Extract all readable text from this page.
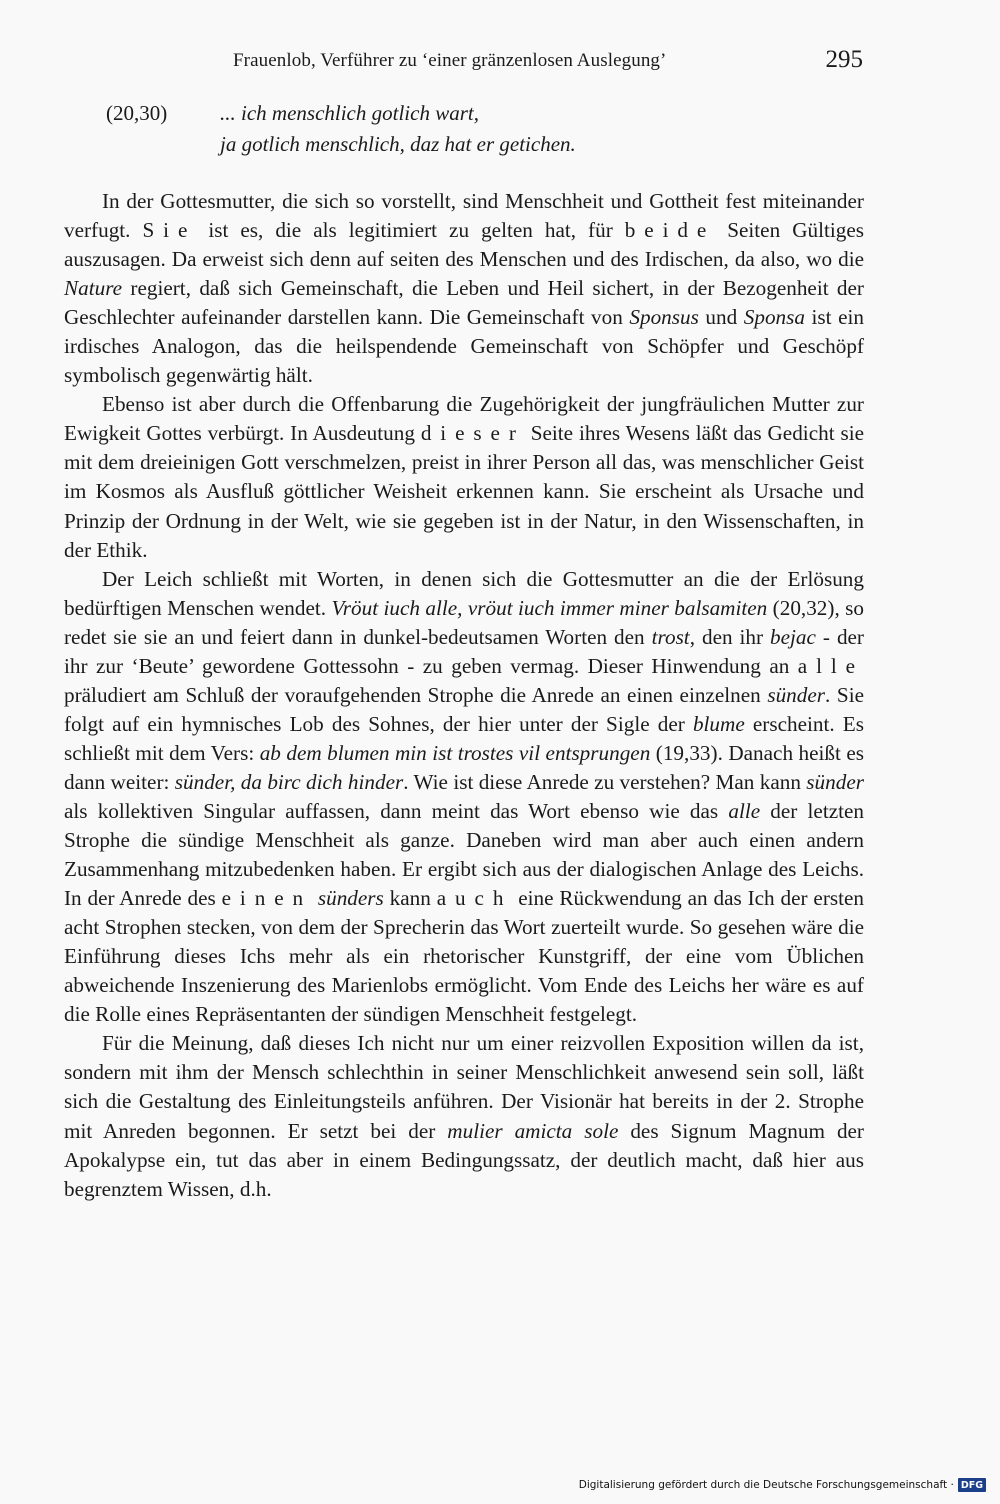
Frauenlob, Verführer zu ‘einer gränzenlosen Auslegung’	295
(20,30)	... ich menschlich gotlich wart,
ja gotlich menschlich, daz hat er getichen.

In der Gottesmutter, die sich so vorstellt, sind Menschheit und Gottheit fest miteinander verfugt. Sie ist es, die als legitimiert zu gelten hat, für beide Seiten Gültiges auszusagen. Da erweist sich denn auf seiten des Menschen und des Irdischen, da also, wo die Nature regiert, daß sich Gemeinschaft, die Leben und Heil sichert, in der Bezogenheit der Geschlechter aufeinander darstellen kann. Die Gemeinschaft von Sponsus und Sponsa ist ein irdisches Analogon, das die heilspendende Gemeinschaft von Schöpfer und Geschöpf symbolisch gegenwärtig hält.

Ebenso ist aber durch die Offenbarung die Zugehörigkeit der jungfräulichen Mutter zur Ewigkeit Gottes verbürgt. In Ausdeutung dieser Seite ihres Wesens läßt das Gedicht sie mit dem dreieinigen Gott verschmelzen, preist in ihrer Person all das, was menschlicher Geist im Kosmos als Ausfluß göttlicher Weisheit erkennen kann. Sie erscheint als Ursache und Prinzip der Ordnung in der Welt, wie sie gegeben ist in der Natur, in den Wissenschaften, in der Ethik.

Der Leich schließt mit Worten, in denen sich die Gottesmutter an die der Erlösung bedürftigen Menschen wendet. Vröut iuch alle, vröut iuch immer miner balsamiten (20,32), so redet sie sie an und feiert dann in dunkel-bedeutsamen Worten den trost, den ihr bejac - der ihr zur ‘Beute’ gewordene Gottessohn - zu geben vermag. Dieser Hinwendung an alle präludiert am Schluß der voraufgehenden Strophe die Anrede an einen einzelnen sünder. Sie folgt auf ein hymnisches Lob des Sohnes, der hier unter der Sigle der blume erscheint. Es schließt mit dem Vers: ab dem blumen min ist trostes vil entsprungen (19,33). Danach heißt es dann weiter: sünder, da birc dich hinder. Wie ist diese Anrede zu verstehen? Man kann sünder als kollektiven Singular auffassen, dann meint das Wort ebenso wie das alle der letzten Strophe die sündige Menschheit als ganze. Daneben wird man aber auch einen andern Zusammenhang mitzubedenken haben. Er ergibt sich aus der dialogischen Anlage des Leichs. In der Anrede des einen sünders kann auch eine Rückwendung an das Ich der ersten acht Strophen stecken, von dem der Sprecherin das Wort zuerteilt wurde. So gesehen wäre die Einführung dieses Ichs mehr als ein rhetorischer Kunstgriff, der eine vom Üblichen abweichende Inszenierung des Marienlobs ermöglicht. Vom Ende des Leichs her wäre es auf die Rolle eines Repräsentanten der sündigen Menschheit festgelegt.

Für die Meinung, daß dieses Ich nicht nur um einer reizvollen Exposition willen da ist, sondern mit ihm der Mensch schlechthin in seiner Menschlichkeit anwesend sein soll, läßt sich die Gestaltung des Einleitungsteils anführen. Der Visionär hat bereits in der 2. Strophe mit Anreden begonnen. Er setzt bei der mulier amicta sole des Signum Magnum der Apokalypse ein, tut das aber in einem Bedingungssatz, der deutlich macht, daß hier aus begrenztem Wissen, d.h.

Digitalisierung gefördert durch die Deutsche Forschungsgemeinschaft · DFG
